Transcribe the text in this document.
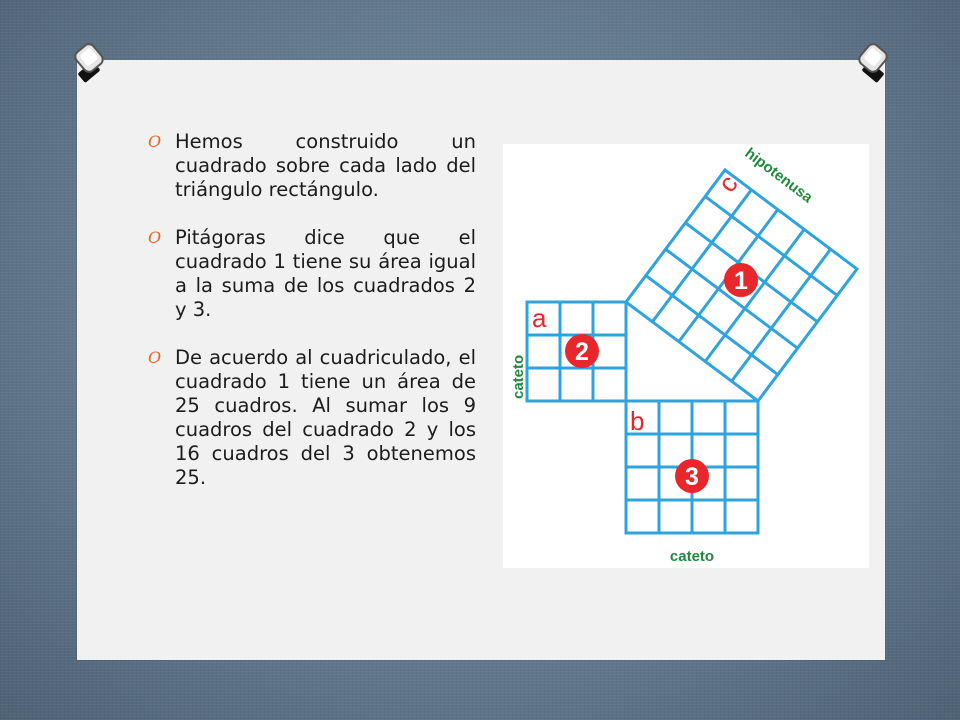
O Hemos construido un cuadrado sobre cada lado del triángulo rectángulo.
O Pitágoras dice que el cuadrado 1 tiene su área igual a la suma de los cuadrados 2 y 3.
O De acuerdo al cuadriculado, el cuadrado 1 tiene un área de 25 cuadros. Al sumar los 9 cuadros del cuadrado 2 y los 16 cuadros del 3 obtenemos 25.
1
2
3
c
a
b
hipotenusa
cateto
cateto
